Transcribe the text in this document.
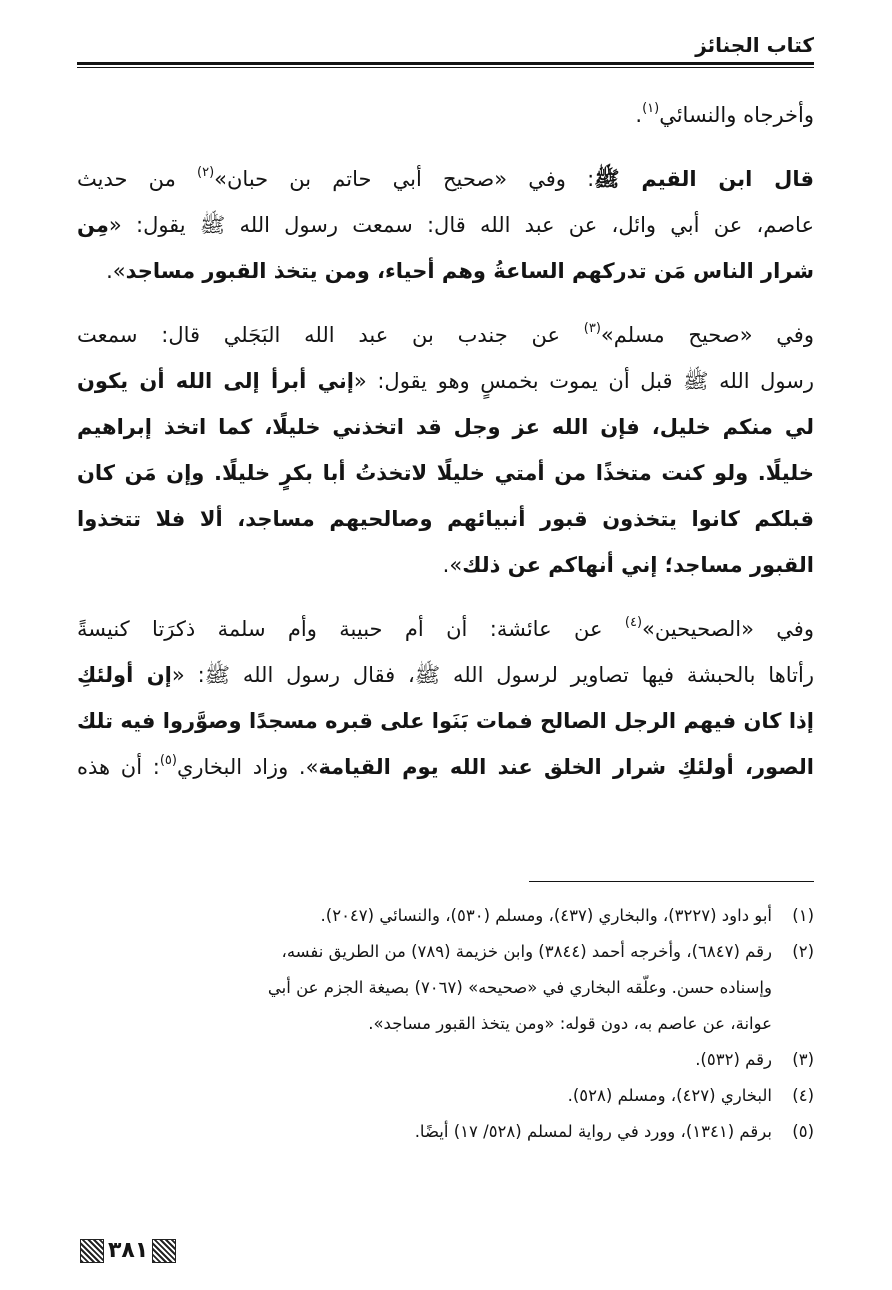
كتاب الجنائز
وأخرجاه والنسائي$^{(١)}$.
قال ابن القيم ﷺ: وفي «صحيح أبي حاتم بن حبان»$^{(٢)}$ من حديث
عاصم، عن أبي وائل، عن عبد الله قال: سمعت رسول الله ﷺ يقول: «مِن
شرار الناس مَن تدركهم الساعةُ وهم أحياء، ومن يتخذ القبور مساجد».
وفي «صحيح مسلم»$^{(٣)}$ عن جندب بن عبد الله البَجَلي قال: سمعت
رسول الله ﷺ قبل أن يموت بخمسٍ وهو يقول: «إني أبرأ إلى الله أن يكون
لي منكم خليل، فإن الله عز وجل قد اتخذني خليلًا، كما اتخذ إبراهيم
خليلًا. ولو كنت متخذًا من أمتي خليلًا لاتخذتُ أبا بكرٍ خليلًا. وإن مَن كان
قبلكم كانوا يتخذون قبور أنبيائهم وصالحيهم مساجد، ألا فلا تتخذوا
القبور مساجد؛ إني أنهاكم عن ذلك».
وفي «الصحيحين»$^{(٤)}$ عن عائشة: أن أم حبيبة وأم سلمة ذكرَتا كنيسةً
رأتاها بالحبشة فيها تصاوير لرسول الله ﷺ، فقال رسول الله ﷺ: «إن أولئكِ
إذا كان فيهم الرجل الصالح فمات بَنَوا على قبره مسجدًا وصوَّروا فيه تلك
الصور، أولئكِ شرار الخلق عند الله يوم القيامة». وزاد البخاري$^{(٥)}$: أن هذه
(١)أبو داود (٣٢٢٧)، والبخاري (٤٣٧)، ومسلم (٥٣٠)، والنسائي (٢٠٤٧).
(٢)رقم (٦٨٤٧)، وأخرجه أحمد (٣٨٤٤) وابن خزيمة (٧٨٩) من الطريق نفسه،
وإسناده حسن. وعلّقه البخاري في «صحيحه» (٧٠٦٧) بصيغة الجزم عن أبي
عوانة، عن عاصم به، دون قوله: «ومن يتخذ القبور مساجد».
(٣)رقم (٥٣٢).
(٤)البخاري (٤٢٧)، ومسلم (٥٢٨).
(٥)برقم (١٣٤١)، وورد في رواية لمسلم (٥٢٨/ ١٧) أيضًا.
٣٨١
